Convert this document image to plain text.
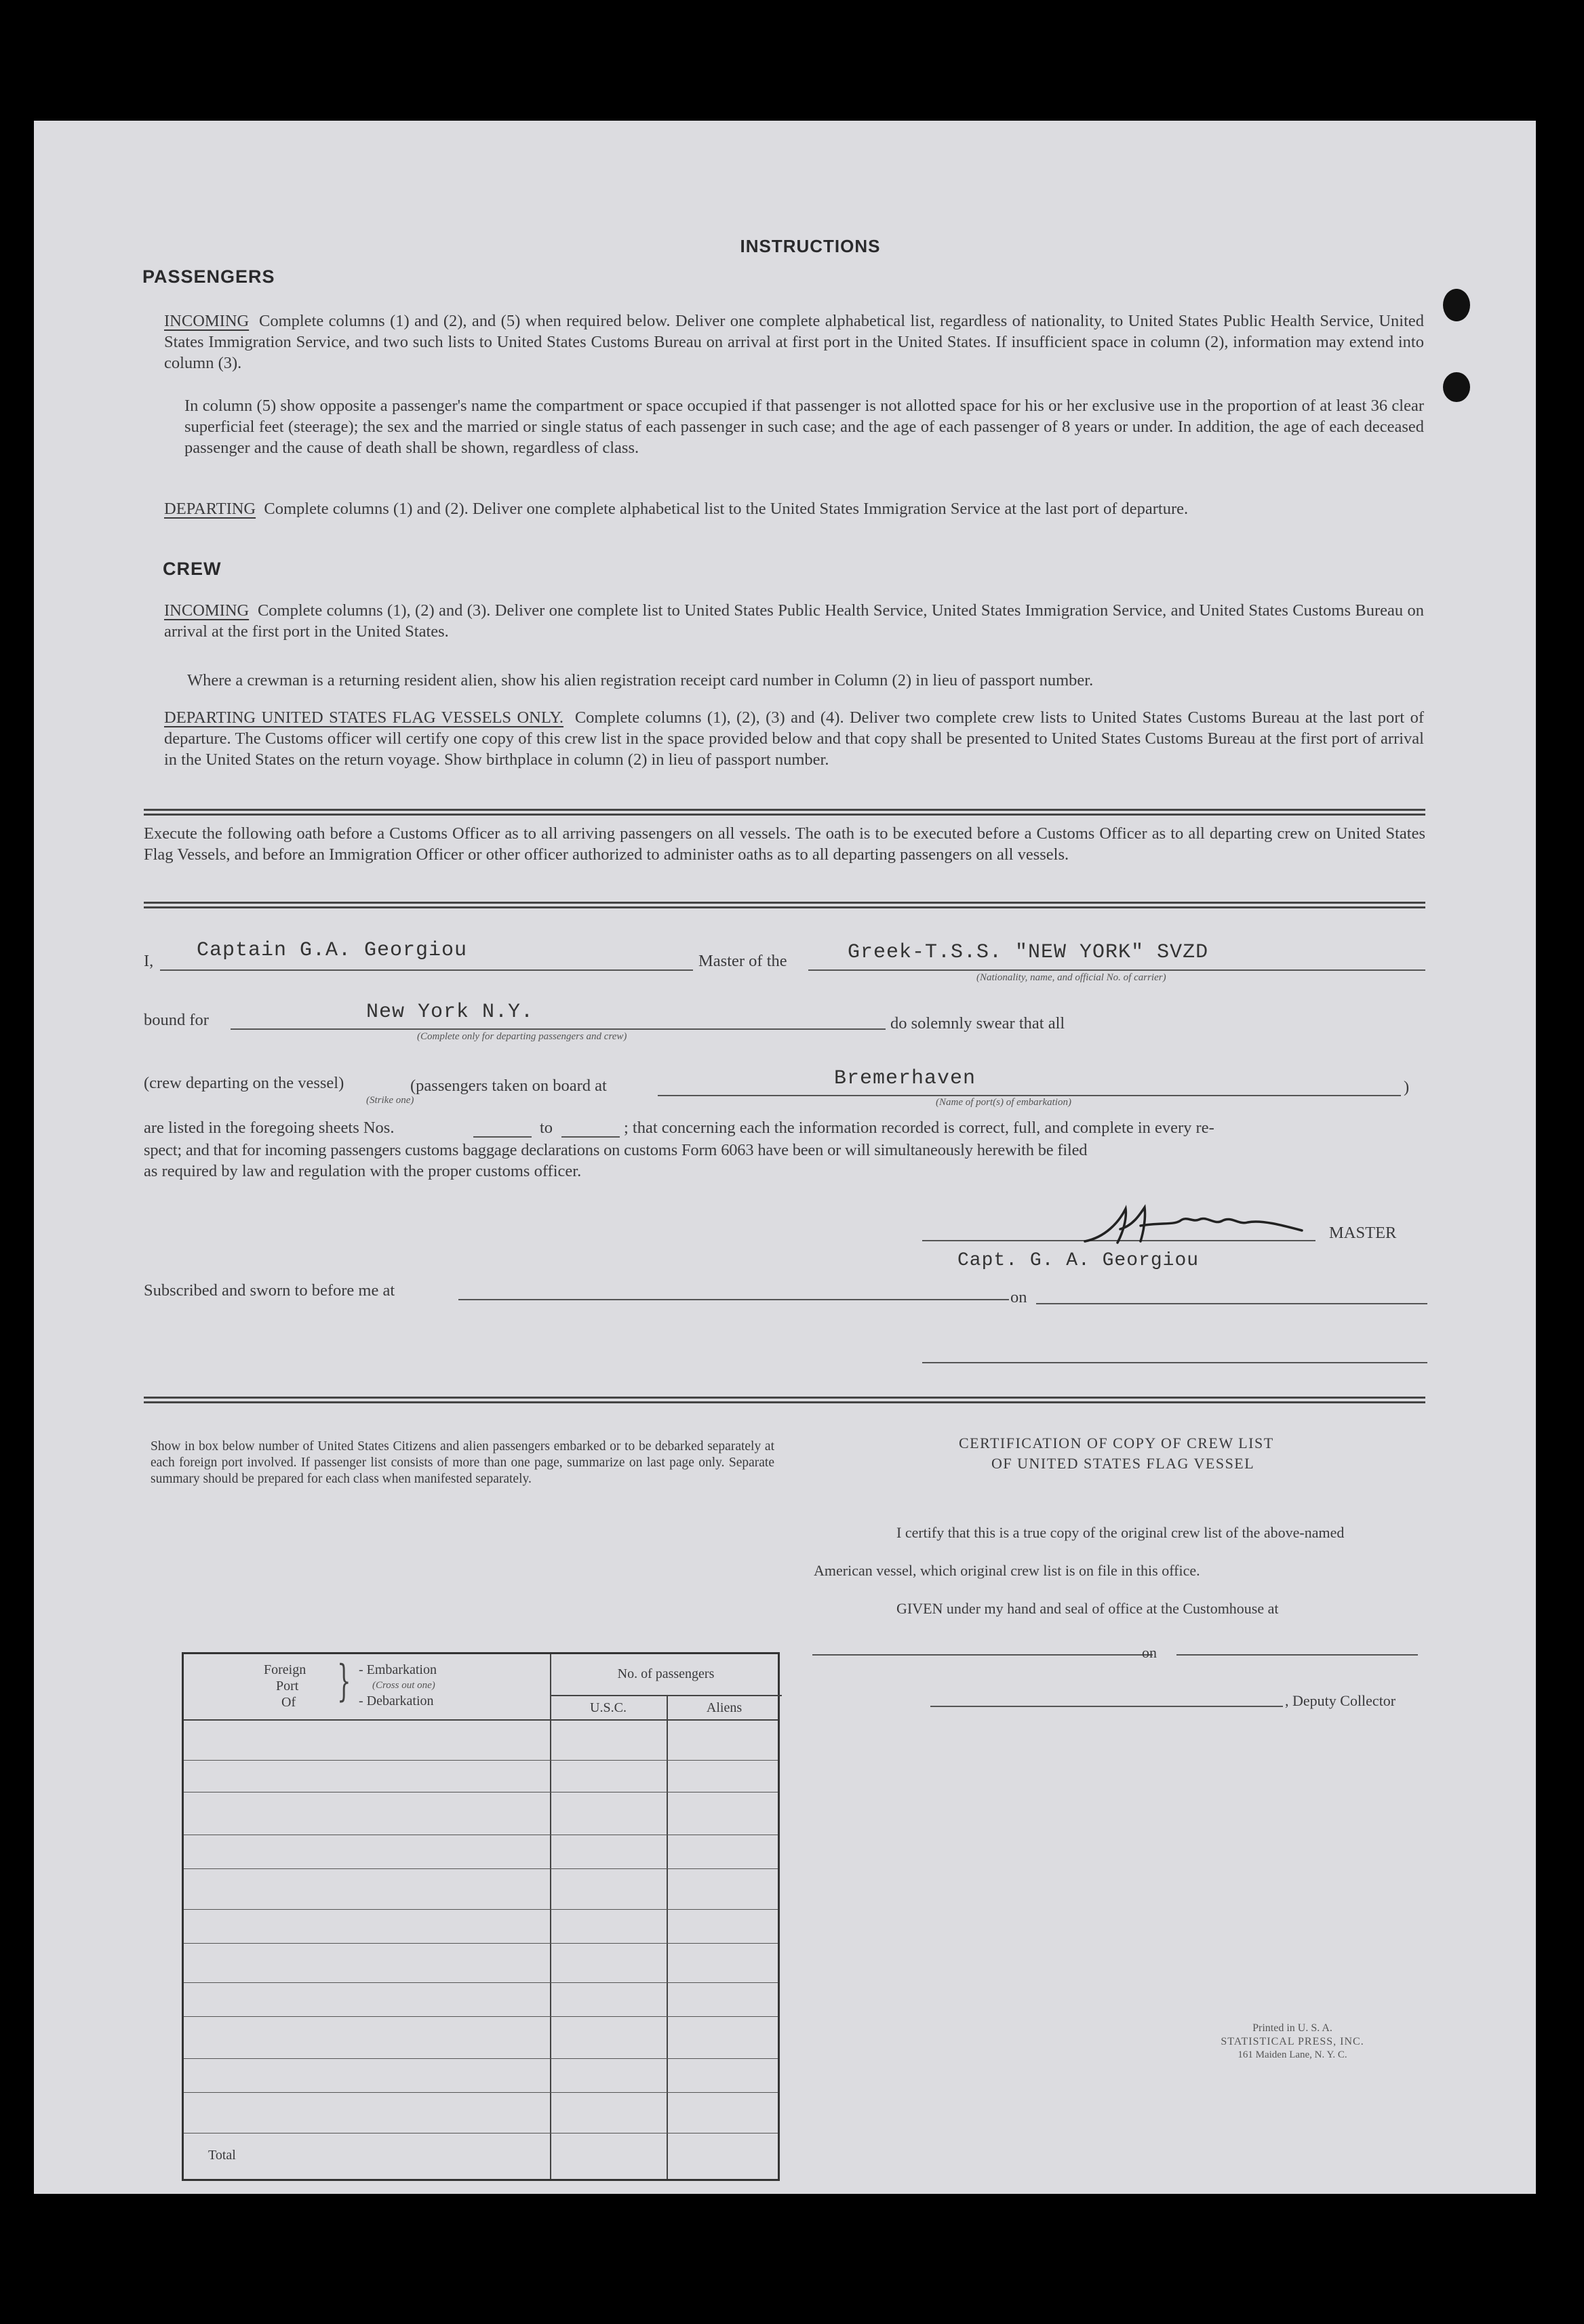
INSTRUCTIONS
PASSENGERS
INCOMING Complete columns (1) and (2), and (5) when required below. Deliver one complete alphabetical list, regardless of nationality, to United States Public Health Service, United States Immigration Service, and two such lists to United States Customs Bureau on arrival at first port in the United States. If insufficient space in column (2), information may extend into column (3).
In column (5) show opposite a passenger's name the compartment or space occupied if that passenger is not allotted space for his or her exclusive use in the proportion of at least 36 clear superficial feet (steerage); the sex and the married or single status of each passenger in such case; and the age of each passenger of 8 years or under. In addition, the age of each deceased passenger and the cause of death shall be shown, regardless of class.
DEPARTING Complete columns (1) and (2). Deliver one complete alphabetical list to the United States Immigration Service at the last port of departure.
CREW
INCOMING Complete columns (1), (2) and (3). Deliver one complete list to United States Public Health Service, United States Immigration Service, and United States Customs Bureau on arrival at the first port in the United States.
Where a crewman is a returning resident alien, show his alien registration receipt card number in Column (2) in lieu of passport number.
DEPARTING UNITED STATES FLAG VESSELS ONLY. Complete columns (1), (2), (3) and (4). Deliver two complete crew lists to United States Customs Bureau at the last port of departure. The Customs officer will certify one copy of this crew list in the space provided below and that copy shall be presented to United States Customs Bureau at the first port of arrival in the United States on the return voyage. Show birthplace in column (2) in lieu of passport number.
Execute the following oath before a Customs Officer as to all arriving passengers on all vessels. The oath is to be executed before a Customs Officer as to all departing crew on United States Flag Vessels, and before an Immigration Officer or other officer authorized to administer oaths as to all departing passengers on all vessels.
I, Captain G.A. Georgiou	Master of the	Greek-T.S.S. "NEW YORK" SVZD
(Nationality, name, and official No. of carrier)
bound for	New York N.Y.
(Complete only for departing passengers and crew)
do solemnly swear that all
(crew departing on the vessel)
(Strike one)
(passengers taken on board at	Bremerhaven
(Name of port(s) of embarkation)
)
are listed in the foregoing sheets Nos.	to	; that concerning each the information recorded is correct, full, and complete in every re-
spect; and that for incoming passengers customs baggage declarations on customs Form 6063 have been or will simultaneously herewith be filed
as required by law and regulation with the proper customs officer.
MASTER
Capt. G. A. Georgiou
Subscribed and sworn to before me at	on
Show in box below number of United States Citizens and alien passengers embarked or to be debarked separately at each foreign port involved. If passenger list consists of more than one page, summarize on last page only. Separate summary should be prepared for each class when manifested separately.
Foreign
Port
Of } - Embarkation
(Cross out one)
- Debarkation
No. of passengers
U.S.C.	Aliens
Total
CERTIFICATION OF COPY OF CREW LIST
OF UNITED STATES FLAG VESSEL
I certify that this is a true copy of the original crew list of the above-named
American vessel, which original crew list is on file in this office.
GIVEN under my hand and seal of office at the Customhouse at
on
, Deputy Collector
Printed in U. S. A.
STATISTICAL PRESS, INC.
161 Maiden Lane, N. Y. C.
